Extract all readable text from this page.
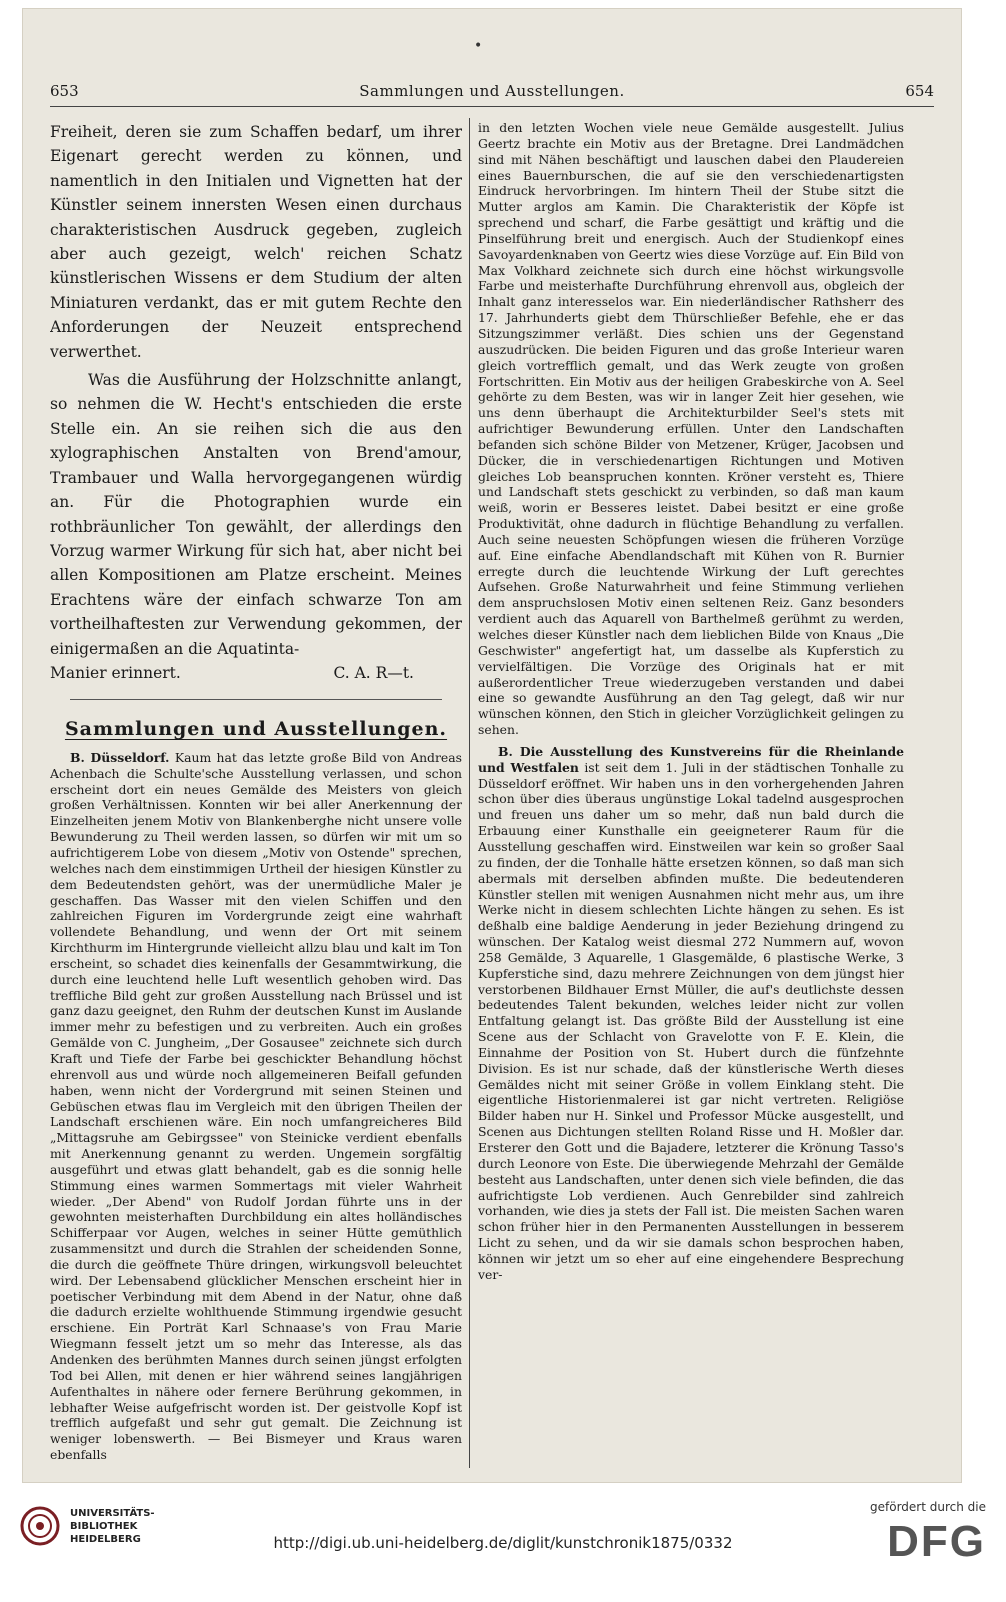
•
653	Sammlungen und Ausstellungen.	654

Freiheit, deren sie zum Schaffen bedarf, um ihrer Eigenart gerecht werden zu können, und namentlich in den Initialen und Vignetten hat der Künstler seinem innersten Wesen einen durchaus charakteristischen Ausdruck gegeben, zugleich aber auch gezeigt, welch' reichen Schatz künstlerischen Wissens er dem Studium der alten Miniaturen verdankt, das er mit gutem Rechte den Anforderungen der Neuzeit entsprechend verwerthet.

Was die Ausführung der Holzschnitte anlangt, so nehmen die W. Hecht's entschieden die erste Stelle ein. An sie reihen sich die aus den xylographischen Anstalten von Brend'amour, Trambauer und Walla hervorgegangenen würdig an. Für die Photographien wurde ein rothbräunlicher Ton gewählt, der allerdings den Vorzug warmer Wirkung für sich hat, aber nicht bei allen Kompositionen am Platze erscheint. Meines Erachtens wäre der einfach schwarze Ton am vortheilhaftesten zur Verwendung gekommen, der einigermaßen an die Aquatinta-

Manier erinnert.	C. A. R—t.
Sammlungen und Ausstellungen.

B. Düsseldorf. Kaum hat das letzte große Bild von Andreas Achenbach die Schulte'sche Ausstellung verlassen, und schon erscheint dort ein neues Gemälde des Meisters von gleich großen Verhältnissen. Konnten wir bei aller Anerkennung der Einzelheiten jenem Motiv von Blankenberghe nicht unsere volle Bewunderung zu Theil werden lassen, so dürfen wir mit um so aufrichtigerem Lobe von diesem „Motiv von Ostende" sprechen, welches nach dem einstimmigen Urtheil der hiesigen Künstler zu dem Bedeutendsten gehört, was der unermüdliche Maler je geschaffen. Das Wasser mit den vielen Schiffen und den zahlreichen Figuren im Vordergrunde zeigt eine wahrhaft vollendete Behandlung, und wenn der Ort mit seinem Kirchthurm im Hintergrunde vielleicht allzu blau und kalt im Ton erscheint, so schadet dies keinenfalls der Gesammtwirkung, die durch eine leuchtend helle Luft wesentlich gehoben wird. Das treffliche Bild geht zur großen Ausstellung nach Brüssel und ist ganz dazu geeignet, den Ruhm der deutschen Kunst im Auslande immer mehr zu befestigen und zu verbreiten. Auch ein großes Gemälde von C. Jungheim, „Der Gosausee" zeichnete sich durch Kraft und Tiefe der Farbe bei geschickter Behandlung höchst ehrenvoll aus und würde noch allgemeineren Beifall gefunden haben, wenn nicht der Vordergrund mit seinen Steinen und Gebüschen etwas flau im Vergleich mit den übrigen Theilen der Landschaft erschienen wäre. Ein noch umfangreicheres Bild „Mittagsruhe am Gebirgssee" von Steinicke verdient ebenfalls mit Anerkennung genannt zu werden. Ungemein sorgfältig ausgeführt und etwas glatt behandelt, gab es die sonnig helle Stimmung eines warmen Sommertags mit vieler Wahrheit wieder. „Der Abend" von Rudolf Jordan führte uns in der gewohnten meisterhaften Durchbildung ein altes holländisches Schifferpaar vor Augen, welches in seiner Hütte gemüthlich zusammensitzt und durch die Strahlen der scheidenden Sonne, die durch die geöffnete Thüre dringen, wirkungsvoll beleuchtet wird. Der Lebensabend glücklicher Menschen erscheint hier in poetischer Verbindung mit dem Abend in der Natur, ohne daß die dadurch erzielte wohlthuende Stimmung irgendwie gesucht erschiene. Ein Porträt Karl Schnaase's von Frau Marie Wiegmann fesselt jetzt um so mehr das Interesse, als das Andenken des berühmten Mannes durch seinen jüngst erfolgten Tod bei Allen, mit denen er hier während seines langjährigen Aufenthaltes in nähere oder fernere Berührung gekommen, in lebhafter Weise aufgefrischt worden ist. Der geistvolle Kopf ist trefflich aufgefaßt und sehr gut gemalt. Die Zeichnung ist weniger lobenswerth. — Bei Bismeyer und Kraus waren ebenfalls

in den letzten Wochen viele neue Gemälde ausgestellt. Julius Geertz brachte ein Motiv aus der Bretagne. Drei Landmädchen sind mit Nähen beschäftigt und lauschen dabei den Plaudereien eines Bauernburschen, die auf sie den verschiedenartigsten Eindruck hervorbringen. Im hintern Theil der Stube sitzt die Mutter arglos am Kamin. Die Charakteristik der Köpfe ist sprechend und scharf, die Farbe gesättigt und kräftig und die Pinselführung breit und energisch. Auch der Studienkopf eines Savoyardenknaben von Geertz wies diese Vorzüge auf. Ein Bild von Max Volkhard zeichnete sich durch eine höchst wirkungsvolle Farbe und meisterhafte Durchführung ehrenvoll aus, obgleich der Inhalt ganz interesselos war. Ein niederländischer Rathsherr des 17. Jahrhunderts giebt dem Thürschließer Befehle, ehe er das Sitzungszimmer verläßt. Dies schien uns der Gegenstand auszudrücken. Die beiden Figuren und das große Interieur waren gleich vortrefflich gemalt, und das Werk zeugte von großen Fortschritten. Ein Motiv aus der heiligen Grabeskirche von A. Seel gehörte zu dem Besten, was wir in langer Zeit hier gesehen, wie uns denn überhaupt die Architekturbilder Seel's stets mit aufrichtiger Bewunderung erfüllen. Unter den Landschaften befanden sich schöne Bilder von Metzener, Krüger, Jacobsen und Dücker, die in verschiedenartigen Richtungen und Motiven gleiches Lob beanspruchen konnten. Kröner versteht es, Thiere und Landschaft stets geschickt zu verbinden, so daß man kaum weiß, worin er Besseres leistet. Dabei besitzt er eine große Produktivität, ohne dadurch in flüchtige Behandlung zu verfallen. Auch seine neuesten Schöpfungen wiesen die früheren Vorzüge auf. Eine einfache Abendlandschaft mit Kühen von R. Burnier erregte durch die leuchtende Wirkung der Luft gerechtes Aufsehen. Große Naturwahrheit und feine Stimmung verliehen dem anspruchslosen Motiv einen seltenen Reiz. Ganz besonders verdient auch das Aquarell von Barthelmeß gerühmt zu werden, welches dieser Künstler nach dem lieblichen Bilde von Knaus „Die Geschwister" angefertigt hat, um dasselbe als Kupferstich zu vervielfältigen. Die Vorzüge des Originals hat er mit außerordentlicher Treue wiederzugeben verstanden und dabei eine so gewandte Ausführung an den Tag gelegt, daß wir nur wünschen können, den Stich in gleicher Vorzüglichkeit gelingen zu sehen.

B. Die Ausstellung des Kunstvereins für die Rheinlande und Westfalen ist seit dem 1. Juli in der städtischen Tonhalle zu Düsseldorf eröffnet. Wir haben uns in den vorhergehenden Jahren schon über dies überaus ungünstige Lokal tadelnd ausgesprochen und freuen uns daher um so mehr, daß nun bald durch die Erbauung einer Kunsthalle ein geeigneterer Raum für die Ausstellung geschaffen wird. Einstweilen war kein so großer Saal zu finden, der die Tonhalle hätte ersetzen können, so daß man sich abermals mit derselben abfinden mußte. Die bedeutenderen Künstler stellen mit wenigen Ausnahmen nicht mehr aus, um ihre Werke nicht in diesem schlechten Lichte hängen zu sehen. Es ist deßhalb eine baldige Aenderung in jeder Beziehung dringend zu wünschen. Der Katalog weist diesmal 272 Nummern auf, wovon 258 Gemälde, 3 Aquarelle, 1 Glasgemälde, 6 plastische Werke, 3 Kupferstiche sind, dazu mehrere Zeichnungen von dem jüngst hier verstorbenen Bildhauer Ernst Müller, die auf's deutlichste dessen bedeutendes Talent bekunden, welches leider nicht zur vollen Entfaltung gelangt ist. Das größte Bild der Ausstellung ist eine Scene aus der Schlacht von Gravelotte von F. E. Klein, die Einnahme der Position von St. Hubert durch die fünfzehnte Division. Es ist nur schade, daß der künstlerische Werth dieses Gemäldes nicht mit seiner Größe in vollem Einklang steht. Die eigentliche Historienmalerei ist gar nicht vertreten. Religiöse Bilder haben nur H. Sinkel und Professor Mücke ausgestellt, und Scenen aus Dichtungen stellten Roland Risse und H. Moßler dar. Ersterer den Gott und die Bajadere, letzterer die Krönung Tasso's durch Leonore von Este. Die überwiegende Mehrzahl der Gemälde besteht aus Landschaften, unter denen sich viele befinden, die das aufrichtigste Lob verdienen. Auch Genrebilder sind zahlreich vorhanden, wie dies ja stets der Fall ist. Die meisten Sachen waren schon früher hier in den Permanenten Ausstellungen in besserem Licht zu sehen, und da wir sie damals schon besprochen haben, können wir jetzt um so eher auf eine eingehendere Besprechung ver-

UNIVERSITÄTS-
BIBLIOTHEK
HEIDELBERG	http://digi.ub.uni-heidelberg.de/diglit/kunstchronik1875/0332
gefördert durch die
DFG
